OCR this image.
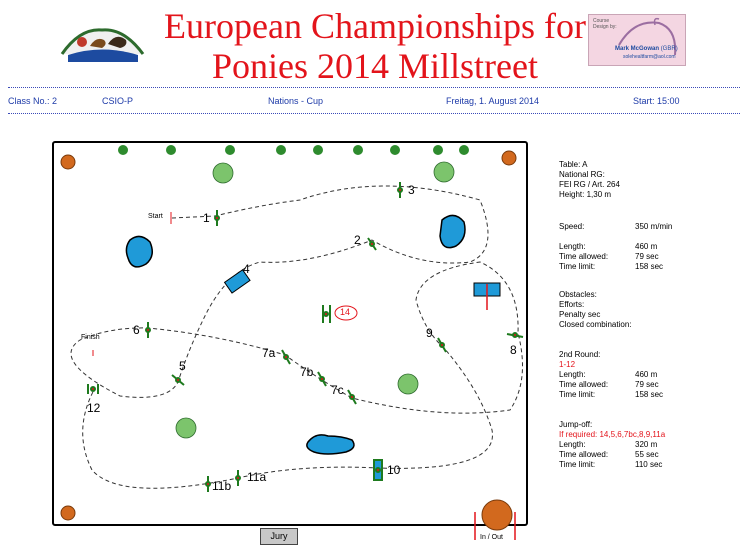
European Championships for
Ponies 2014 Millstreet
Course Design by:
Mark McGowan (GBR)
solehealtfarm@aol.com
Class No.: 2	CSIO-P	Nations - Cup	Freitag, 1. August 2014	Start: 15:00
1
2
3
4
5
6
7a
7b
7c
8
9
10
11a
11b
12
14
Start
Finish
Jury	In / Out
Table: A
National RG:
FEI RG / Art. 264
Height: 1,30 m
Speed:	350 m/min
Length:	460 m
Time allowed:	79 sec
Time limit:	158 sec
Obstacles:
Efforts:
Penalty sec
Closed combination:
2nd Round:
1-12
Length:	460 m
Time allowed:	79 sec
Time limit:	158 sec
Jump-off:
If required: 14,5,6,7bc,8,9,11a
Length:	320 m
Time allowed:	55 sec
Time limit:	110 sec
